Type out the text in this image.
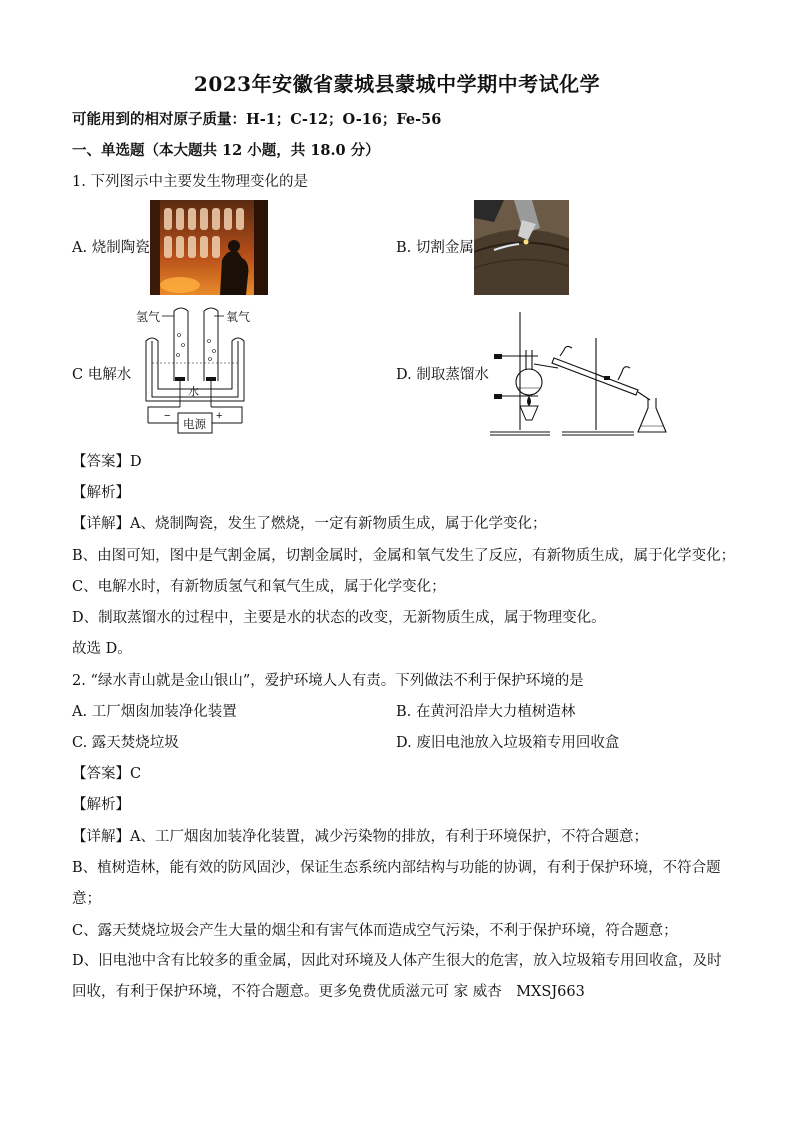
2023年安徽省蒙城县蒙城中学期中考试化学
可能用到的相对原子质量：H-1；C-12；O-16；Fe-56
一、单选题（本大题共 12 小题，共 18.0 分）
1. 下列图示中主要发生物理变化的是
A. 烧制陶瓷	B. 切割金属
C 电解水
氢气	氧气
水
电源
−	+
D. 制取蒸馏水
【答案】D
【解析】
【详解】A、烧制陶瓷，发生了燃烧，一定有新物质生成，属于化学变化；
B、由图可知，图中是气割金属，切割金属时，金属和氧气发生了反应，有新物质生成，属于化学变化；
C、电解水时，有新物质氢气和氧气生成，属于化学变化；
D、制取蒸馏水的过程中，主要是水的状态的改变，无新物质生成，属于物理变化。
故选 D。
2. “绿水青山就是金山银山”，爱护环境人人有责。下列做法不利于保护环境的是
A. 工厂烟囱加装净化装置	B. 在黄河沿岸大力植树造林
C. 露天焚烧垃圾	D. 废旧电池放入垃圾箱专用回收盒
【答案】C
【解析】
【详解】A、工厂烟囱加装净化装置，减少污染物的排放，有利于环境保护，不符合题意；
B、植树造林，能有效的防风固沙，保证生态系统内部结构与功能的协调，有利于保护环境，不符合题意；
C、露天焚烧垃圾会产生大量的烟尘和有害气体而造成空气污染，不利于保护环境，符合题意；
D、旧电池中含有比较多的重金属，因此对环境及人体产生很大的危害，放入垃圾箱专用回收盒，及时回收，有利于保护环境，不符合题意。更多免费优质滋元可 家 威杏　MXSJ663
